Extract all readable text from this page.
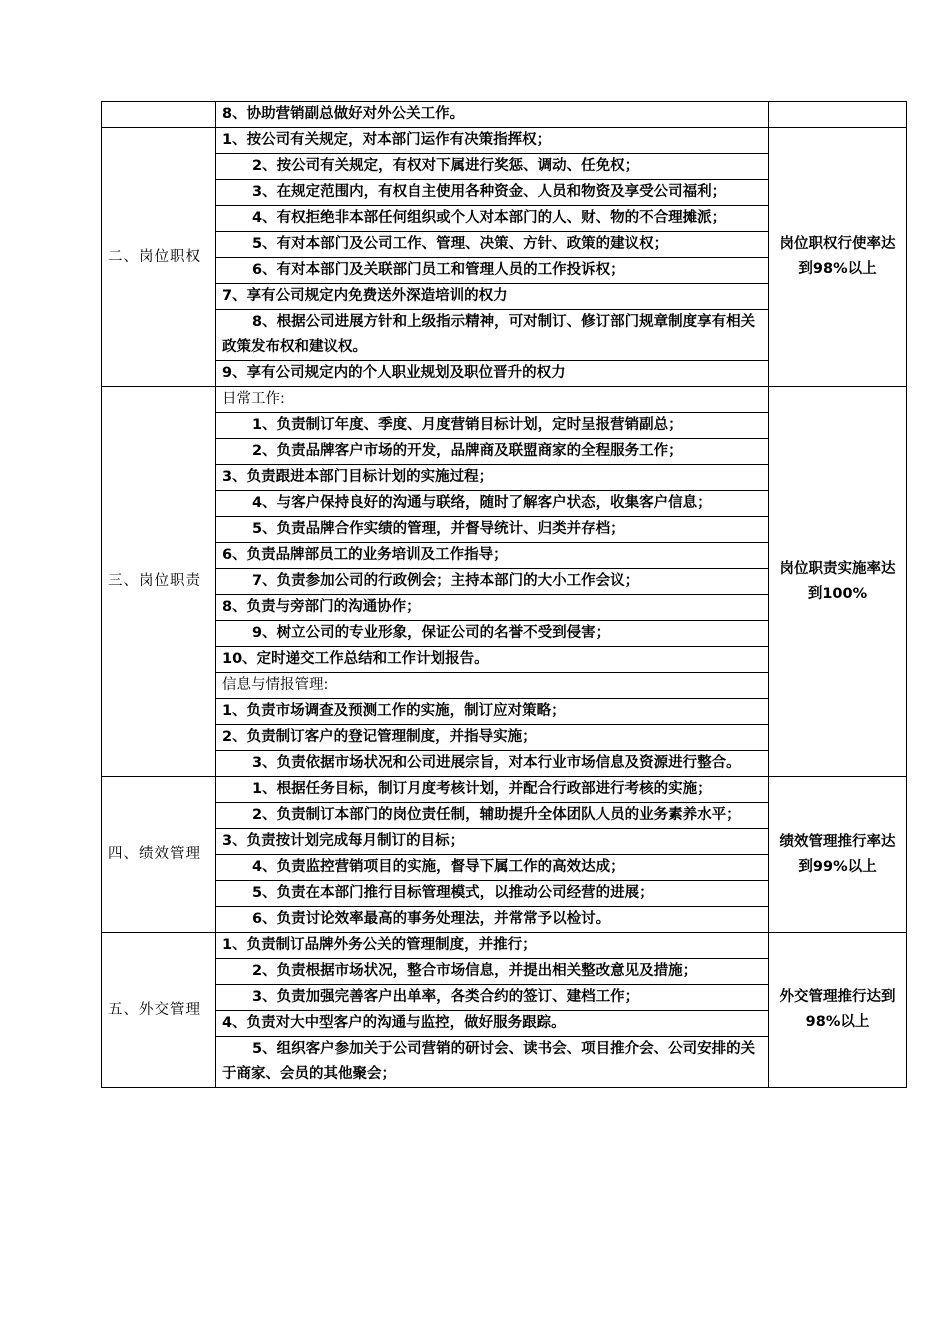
	8、协助营销副总做好对外公关工作。	
二、岗位职权	1、按公司有关规定，对本部门运作有决策指挥权；	岗位职权行使率达到98%以上
	2、按公司有关规定，有权对下属进行奖惩、调动、任免权；	
	3、在规定范围内，有权自主使用各种资金、人员和物资及享受公司福利；	
	4、有权拒绝非本部任何组织或个人对本部门的人、财、物的不合理摊派；	
	5、有对本部门及公司工作、管理、决策、方针、政策的建议权；	
	6、有对本部门及关联部门员工和管理人员的工作投诉权；	
	7、享有公司规定内免费送外深造培训的权力	
	8、根据公司进展方针和上级指示精神，可对制订、修订部门规章制度享有相关政策发布权和建议权。	
	9、享有公司规定内的个人职业规划及职位晋升的权力	
三、岗位职责	日常工作:	岗位职责实施率达到100%
	1、负责制订年度、季度、月度营销目标计划，定时呈报营销副总；	
	2、负责品牌客户市场的开发，品牌商及联盟商家的全程服务工作；	
	3、负责跟进本部门目标计划的实施过程；	
	4、与客户保持良好的沟通与联络，随时了解客户状态，收集客户信息；	
	5、负责品牌合作实绩的管理，并督导统计、归类并存档；	
	6、负责品牌部员工的业务培训及工作指导；	
	7、负责参加公司的行政例会；主持本部门的大小工作会议；	
	8、负责与旁部门的沟通协作；	
	9、树立公司的专业形象，保证公司的名誉不受到侵害；	
	10、定时递交工作总结和工作计划报告。	
	信息与情报管理:	
	1、负责市场调查及预测工作的实施，制订应对策略；	
	2、负责制订客户的登记管理制度，并指导实施；	
	3、负责依据市场状况和公司进展宗旨，对本行业市场信息及资源进行整合。	
四、绩效管理	1、根据任务目标，制订月度考核计划，并配合行政部进行考核的实施；	绩效管理推行率达到99%以上
	2、负责制订本部门的岗位责任制，辅助提升全体团队人员的业务素养水平；	
	3、负责按计划完成每月制订的目标；	
	4、负责监控营销项目的实施，督导下属工作的高效达成；	
	5、负责在本部门推行目标管理模式，以推动公司经营的进展；	
	6、负责讨论效率最高的事务处理法，并常常予以检讨。	
五、外交管理	1、负责制订品牌外务公关的管理制度，并推行；	外交管理推行达到98%以上
	2、负责根据市场状况，整合市场信息，并提出相关整改意见及措施；	
	3、负责加强完善客户出单率，各类合约的签订、建档工作；	
	4、负责对大中型客户的沟通与监控，做好服务跟踪。	
	5、组织客户参加关于公司营销的研讨会、读书会、项目推介会、公司安排的关于商家、会员的其他聚会；	
